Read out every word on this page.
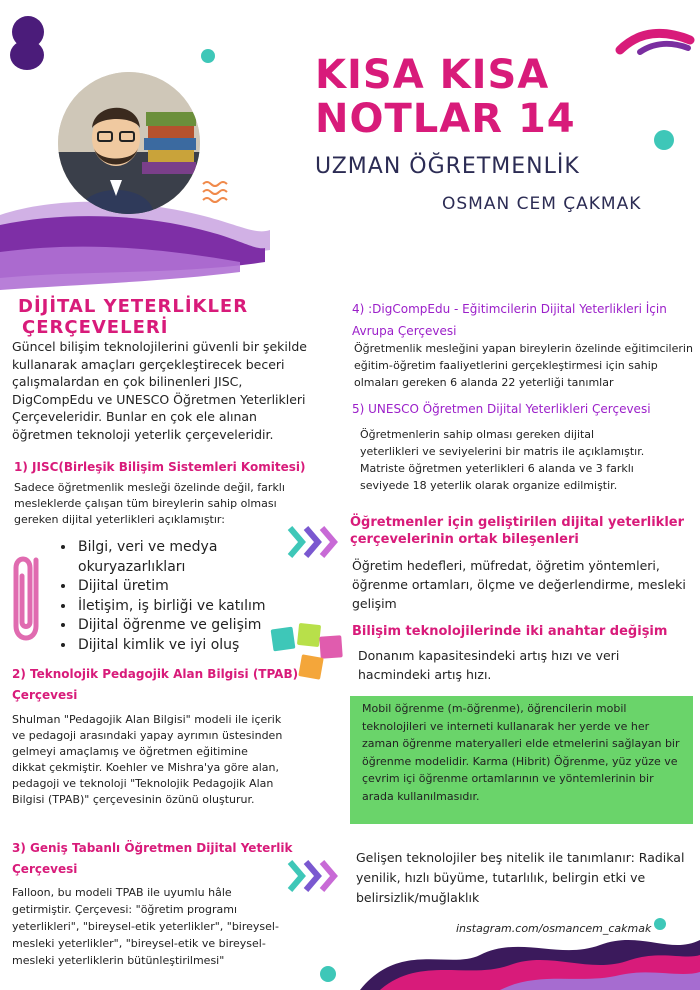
KISA KISA
NOTLAR 14
UZMAN ÖĞRETMENLİK
OSMAN CEM ÇAKMAK
DİJİTAL YETERLİKLER
ÇERÇEVELERİ
Güncel bilişim teknolojilerini güvenli bir şekilde kullanarak amaçları gerçekleştirecek beceri çalışmalardan en çok bilinenleri JISC, DigCompEdu ve UNESCO Öğretmen Yeterlikleri Çerçeveleridir. Bunlar en çok ele alınan öğretmen teknoloji yeterlik çerçeveleridir.
1) JISC(Birleşik Bilişim Sistemleri Komitesi)
Sadece öğretmenlik mesleği özelinde değil, farklı mesleklerde çalışan tüm bireylerin sahip olması gereken dijital yeterlikleri açıklamıştır:
• Bilgi, veri ve medya okuryazarlıkları
• Dijital üretim
• İletişim, iş birliği ve katılım
• Dijital öğrenme ve gelişim
• Dijital kimlik ve iyi oluş
2) Teknolojik Pedagojik Alan Bilgisi (TPAB) Çerçevesi
Shulman "Pedagojik Alan Bilgisi" modeli ile içerik ve pedagoji arasındaki yapay ayrımın üstesinden gelmeyi amaçlamış ve öğretmen eğitimine dikkat çekmiştir. Koehler ve Mishra'ya göre alan, pedagoji ve teknoloji "Teknolojik Pedagojik Alan Bilgisi (TPAB)" çerçevesinin özünü oluşturur.
3) Geniş Tabanlı Öğretmen Dijital Yeterlik Çerçevesi
Falloon, bu modeli TPAB ile uyumlu hâle getirmiştir. Çerçevesi: "öğretim programı yeterlikleri", "bireysel-etik yeterlikler", "bireysel-mesleki yeterlikler", "bireysel-etik ve bireysel-mesleki yeterliklerin bütünleştirilmesi"
4) :DigCompEdu - Eğitimcilerin Dijital Yeterlikleri İçin Avrupa Çerçevesi
Öğretmenlik mesleğini yapan bireylerin özelinde eğitimcilerin eğitim-öğretim faaliyetlerini gerçekleştirmesi için sahip olmaları gereken 6 alanda 22 yeterliği tanımlar
5) UNESCO Öğretmen Dijital Yeterlikleri Çerçevesi
Öğretmenlerin sahip olması gereken dijital yeterlikleri ve seviyelerini bir matris ile açıklamıştır. Matriste öğretmen yeterlikleri 6 alanda ve 3 farklı seviyede 18 yeterlik olarak organize edilmiştir.
Öğretmenler için geliştirilen dijital yeterlikler çerçevelerinin ortak bileşenleri
Öğretim hedefleri, müfredat, öğretim yöntemleri, öğrenme ortamları, ölçme ve değerlendirme, mesleki gelişim
Bilişim teknolojilerinde iki anahtar değişim
Donanım kapasitesindeki artış hızı ve veri hacmindeki artış hızı.
Mobil öğrenme (m-öğrenme), öğrencilerin mobil teknolojileri ve interneti kullanarak her yerde ve her zaman öğrenme materyalleri elde etmelerini sağlayan bir öğrenme modelidir. Karma (Hibrit) Öğrenme, yüz yüze ve çevrim içi öğrenme ortamlarının ve yöntemlerinin bir arada kullanılmasıdır.
Gelişen teknolojiler beş nitelik ile tanımlanır: Radikal yenilik, hızlı büyüme, tutarlılık, belirgin etki ve belirsizlik/muğlaklık
instagram.com/osmancem_cakmak
